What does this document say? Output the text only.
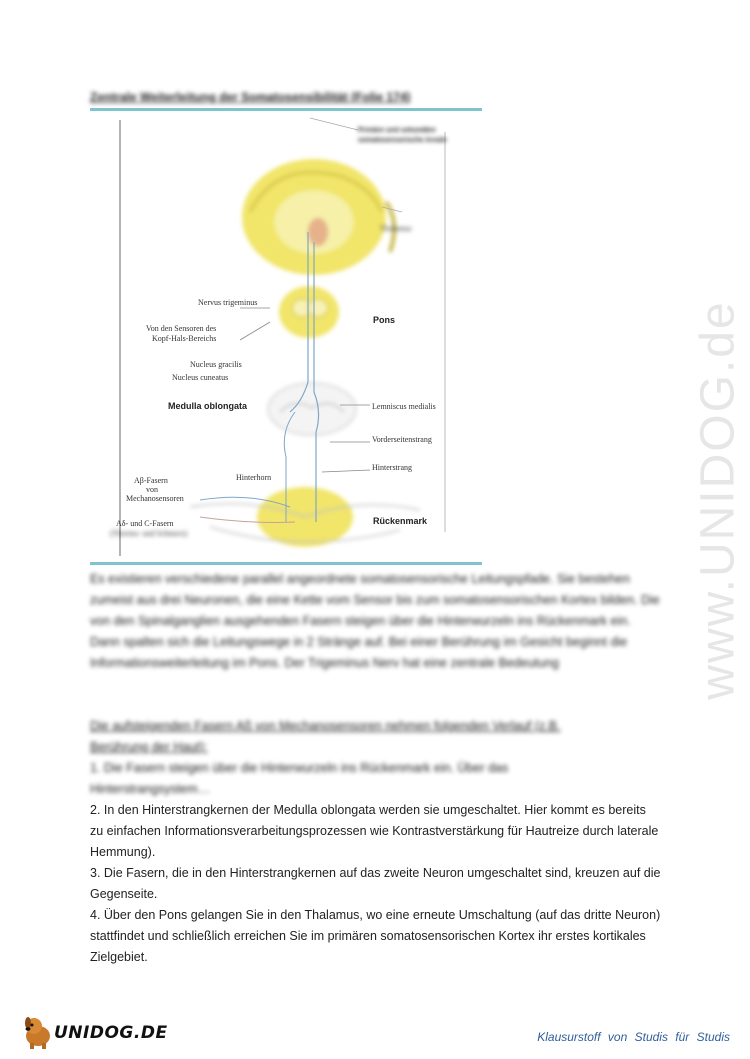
www.UNIDOG.de
Zentrale Weiterleitung der Somatosensibilität (Folie 174)
Primäre und sekundäre somatosensorische Areale
Thalamus
Nervus trigeminus
Von den Sensoren des
Kopf-Hals-Bereichs
Pons
Nucleus gracilis
Nucleus cuneatus
Medulla oblongata	Lemniscus medialis
Vorderseitenstrang
Hinterstrang
Hinterhorn
Aβ-Fasern
von
Mechanosensoren
Aδ- und C-Fasern
(Thermo- und Schmerz)
Rückenmark

Es existieren verschiedene parallel angeordnete somatosensorische Leitungspfade. Sie bestehen zumeist aus drei Neuronen, die eine Kette vom Sensor bis zum somatosensorischen Kortex bilden. Die von den Spinalganglien ausgehenden Fasern steigen über die Hinterwurzeln ins Rückenmark ein. Dann spalten sich die Leitungswege in 2 Stränge auf. Bei einer Berührung im Gesicht beginnt die Informationsweiterleitung im Pons. Der Trigeminus Nerv hat eine zentrale Bedeutung

Die aufsteigenden Fasern Aß von Mechanosensoren nehmen folgenden Verlauf (z.B. Berührung der Haut):

1. Die Fasern steigen über die Hinterwurzeln ins Rückenmark ein. Über das Hinterstrangsystem…

2. In den Hinterstrangkernen der Medulla oblongata werden sie umgeschaltet. Hier kommt es bereits zu einfachen Informationsverarbeitungsprozessen wie Kontrastverstärkung für Hautreize durch laterale Hemmung).

3. Die Fasern, die in den Hinterstrangkernen auf das zweite Neuron umgeschaltet sind, kreuzen auf die Gegenseite.

4. Über den Pons gelangen Sie in den Thalamus, wo eine erneute Umschaltung (auf das dritte Neuron) stattfindet und schließlich erreichen Sie im primären somatosensorischen Kortex ihr erstes kortikales Zielgebiet.

UNIDOG.DE	Klausurstoff von Studis für Studis
